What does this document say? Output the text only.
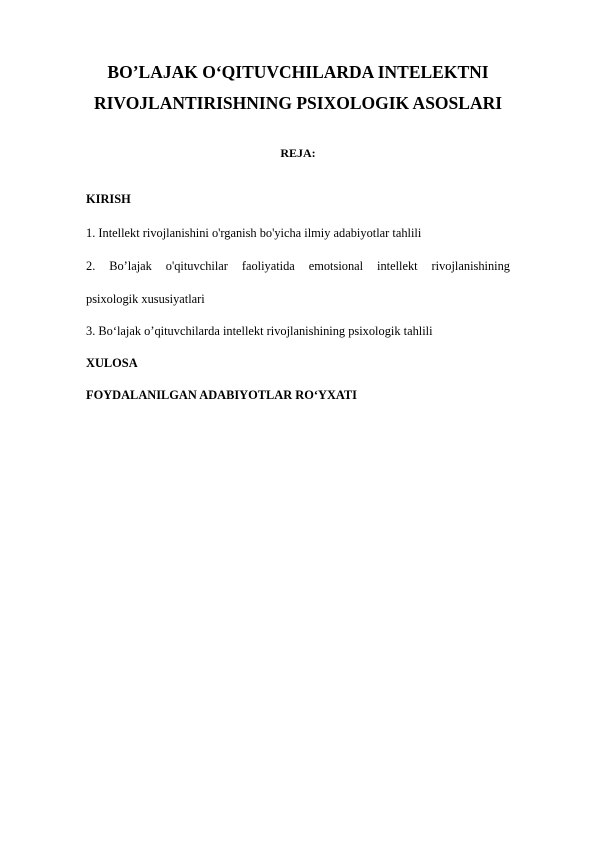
BO’LAJAK O‘QITUVCHILARDA INTELEKTNI
RIVOJLANTIRISHNING PSIXOLOGIK ASOSLARI
REJA:
KIRISH
1. Intellekt rivojlanishini o'rganish bo'yicha ilmiy adabiyotlar tahlili
2. Bo’lajak o'qituvchilar faoliyatida emotsional intellekt rivojlanishining
psixologik xususiyatlari
3. Bo‘lajak o’qituvchilarda intellekt rivojlanishining psixologik tahlili
XULOSA
FOYDALANILGAN ADABIYOTLAR RO‘YXATI
